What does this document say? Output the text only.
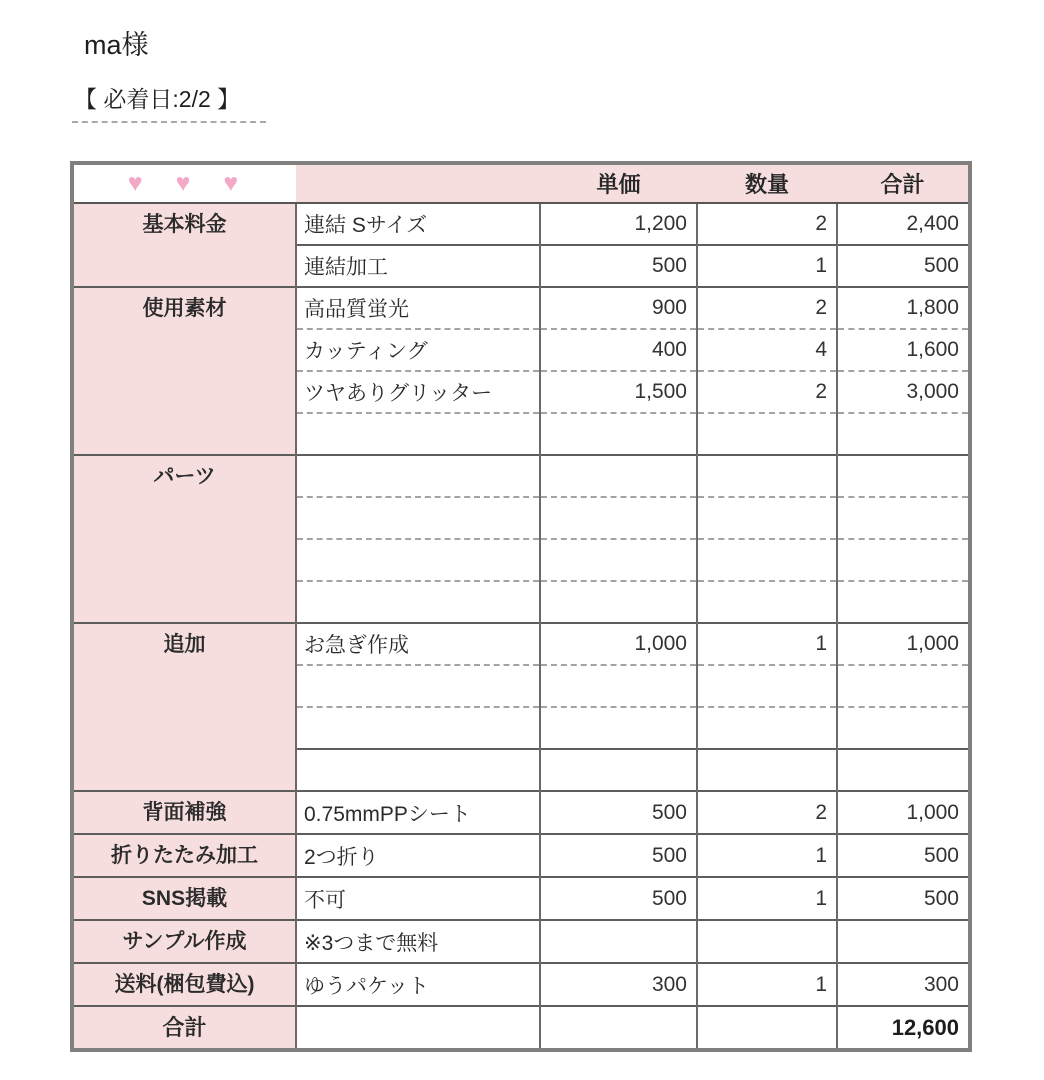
ma様
【 必着日:2/2 】
♥ ♥ ♥		単価	数量	合計
基本料金	連結 Sサイズ	1,200	2	2,400
	連結加工	500	1	500
使用素材	高品質蛍光	900	2	1,800
	カッティング	400	4	1,600
	ツヤありグリッター	1,500	2	3,000

パーツ				

追加	お急ぎ作成	1,000	1	1,000

背面補強	0.75mmPPシート	500	2	1,000
折りたたみ加工	2つ折り	500	1	500
SNS掲載	不可	500	1	500
サンプル作成	※3つまで無料			
送料(梱包費込)	ゆうパケット	300	1	300
合計				12,600
